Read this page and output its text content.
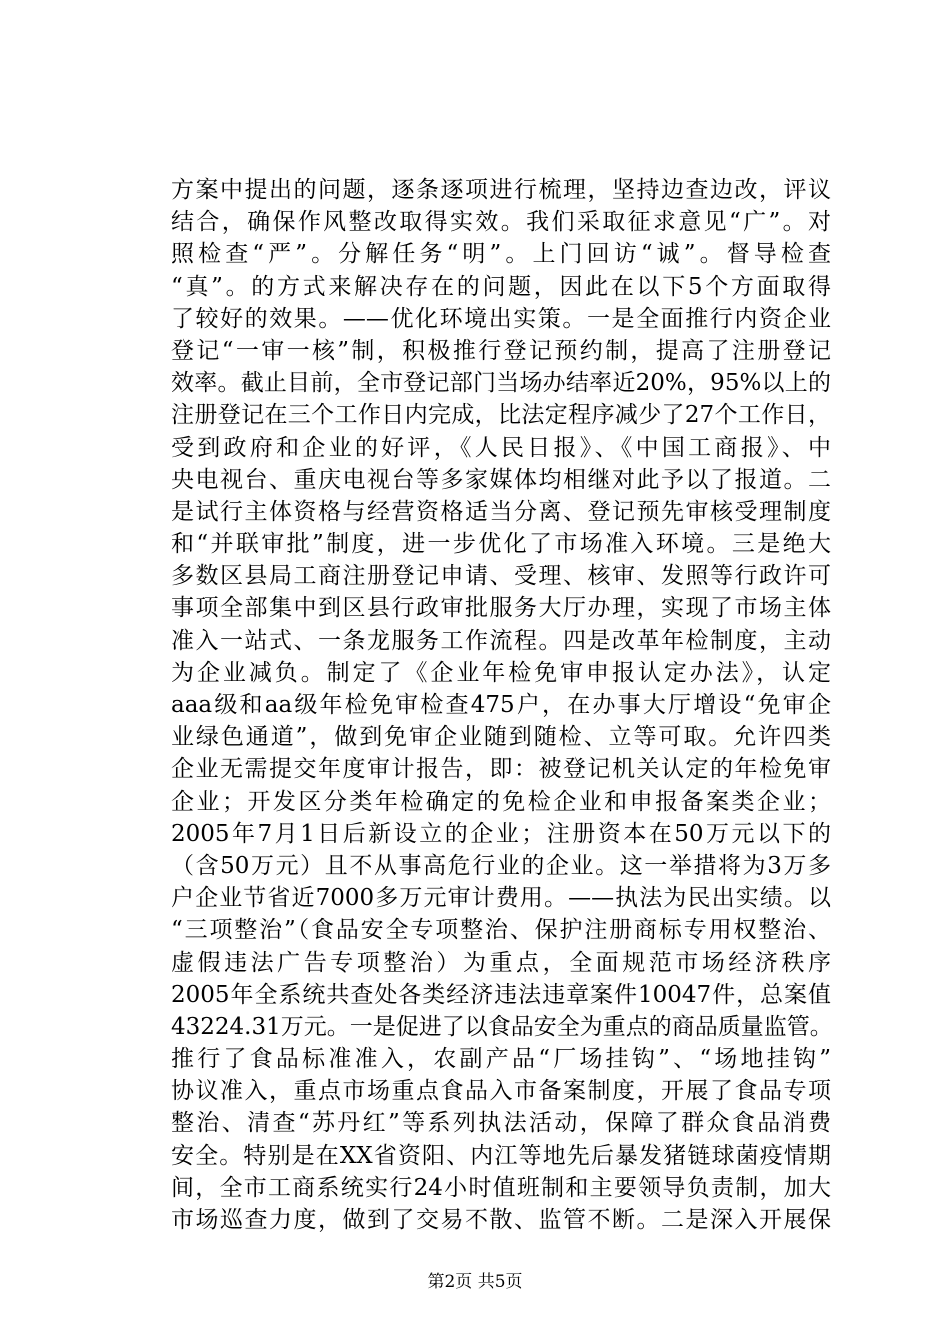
方案中提出的问题，逐条逐项进行梳理，坚持边查边改，评议
结合，确保作风整改取得实效。我们采取征求意见“广”。对
照检查“严”。分解任务“明”。上门回访“诚”。督导检查
“真”。的方式来解决存在的问题，因此在以下5个方面取得
了较好的效果。——优化环境出实策。一是全面推行内资企业
登记“一审一核”制，积极推行登记预约制，提高了注册登记
效率。截止目前，全市登记部门当场办结率近20%，95%以上的
注册登记在三个工作日内完成，比法定程序减少了27个工作日，
受到政府和企业的好评，《人民日报》、《中国工商报》、中
央电视台、重庆电视台等多家媒体均相继对此予以了报道。二
是试行主体资格与经营资格适当分离、登记预先审核受理制度
和“并联审批”制度，进一步优化了市场准入环境。三是绝大
多数区县局工商注册登记申请、受理、核审、发照等行政许可
事项全部集中到区县行政审批服务大厅办理，实现了市场主体
准入一站式、一条龙服务工作流程。四是改革年检制度，主动
为企业减负。制定了《企业年检免审申报认定办法》，认定
aaa级和aa级年检免审检查475户，在办事大厅增设“免审企
业绿色通道”，做到免审企业随到随检、立等可取。允许四类
企业无需提交年度审计报告，即：被登记机关认定的年检免审
企业；开发区分类年检确定的免检企业和申报备案类企业；
2005年7月1日后新设立的企业；注册资本在50万元以下的
（含50万元）且不从事高危行业的企业。这一举措将为3万多
户企业节省近7000多万元审计费用。——执法为民出实绩。以
“三项整治”（食品安全专项整治、保护注册商标专用权整治、
虚假违法广告专项整治）为重点，全面规范市场经济秩序
2005年全系统共查处各类经济违法违章案件10047件，总案值
43224.31万元。一是促进了以食品安全为重点的商品质量监管。
推行了食品标准准入，农副产品“厂场挂钩”、“场地挂钩”
协议准入，重点市场重点食品入市备案制度，开展了食品专项
整治、清查“苏丹红”等系列执法活动，保障了群众食品消费
安全。特别是在XX省资阳、内江等地先后暴发猪链球菌疫情期
间，全市工商系统实行24小时值班制和主要领导负责制，加大
市场巡查力度，做到了交易不散、监管不断。二是深入开展保
第2页 共5页
